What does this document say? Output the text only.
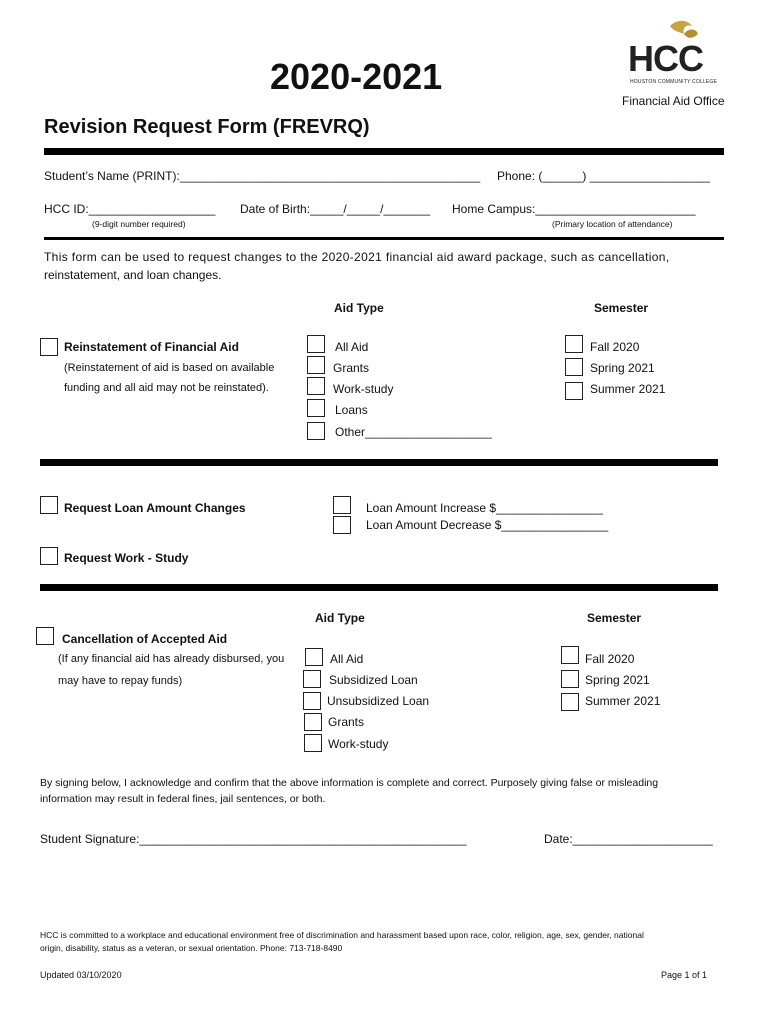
2020-2021	HCC
HOUSTON COMMUNITY COLLEGE
Financial Aid Office
Revision Request Form (FREVRQ)
Student’s Name (PRINT):_____________________________________________ Phone: (______) __________________
HCC ID:___________________
(9-digit number required)
Date of Birth:_____/_____/_______ Home Campus:________________________
(Primary location of attendance)
This form can be used to request changes to the 2020-2021 financial aid award package, such as cancellation,
reinstatement, and loan changes.
Aid Type	Semester
Reinstatement of Financial Aid
(Reinstatement of aid is based on available
funding and all aid may not be reinstated).
All Aid
Grants
Work-study
Loans
Other___________________
Fall 2020
Spring 2021
Summer 2021
Request Loan Amount Changes	Loan Amount Increase $________________
Loan Amount Decrease $________________
Request Work - Study
Aid Type	Semester
Cancellation of Accepted Aid
(If any financial aid has already disbursed, you
may have to repay funds)
All Aid
Subsidized Loan
Unsubsidized Loan
Grants
Work-study
Fall 2020
Spring 2021
Summer 2021
By signing below, I acknowledge and confirm that the above information is complete and correct. Purposely giving false or misleading
information may result in federal fines, jail sentences, or both.
Student Signature:_________________________________________________	Date:_____________________
HCC is committed to a workplace and educational environment free of discrimination and harassment based upon race, color, religion, age, sex, gender, national
origin, disability, status as a veteran, or sexual orientation. Phone: 713-718-8490
Updated 03/10/2020	Page 1 of 1
